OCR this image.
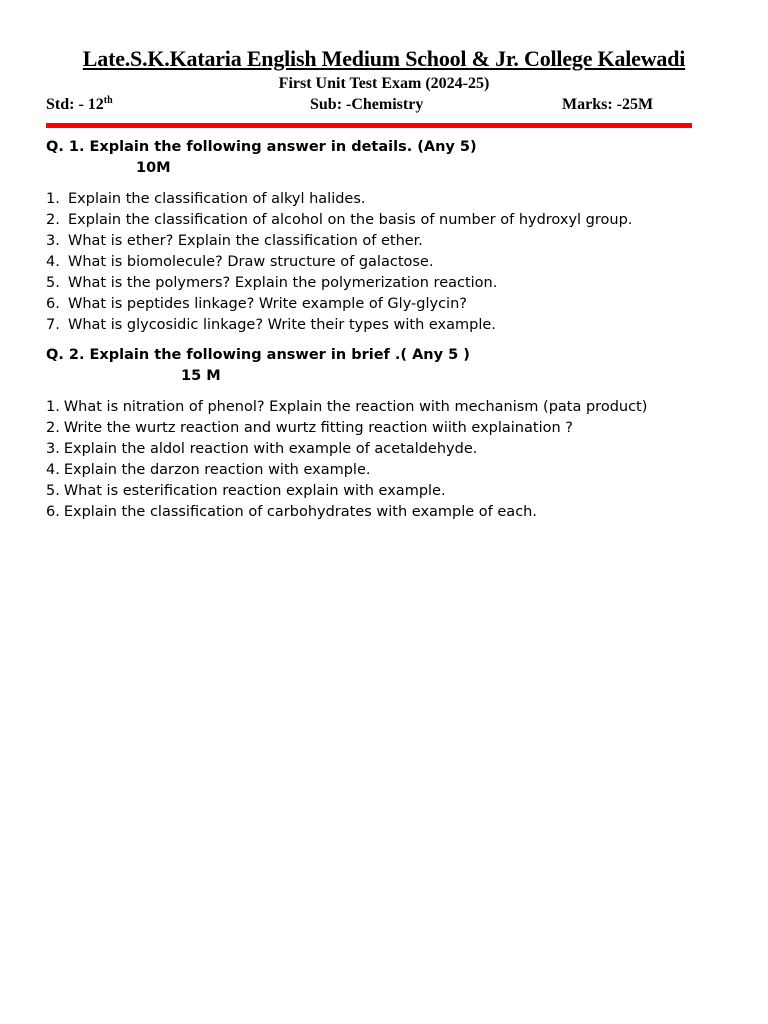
Late.S.K.Kataria English Medium School & Jr. College Kalewadi
First Unit Test Exam (2024-25)
Std: - 12th	Sub: -Chemistry	Marks: -25M
Q. 1. Explain the following answer in details. (Any 5)
10M
1. Explain the classification of alkyl halides.
2. Explain the classification of alcohol on the basis of number of hydroxyl group.
3. What is ether? Explain the classification of ether.
4. What is biomolecule? Draw structure of galactose.
5. What is the polymers? Explain the polymerization reaction.
6. What is peptides linkage? Write example of Gly-glycin?
7. What is glycosidic linkage? Write their types with example.
Q. 2. Explain the following answer in brief .( Any 5 )
15 M
1. What is nitration of phenol? Explain the reaction with mechanism (pata product)
2. Write the wurtz reaction and wurtz fitting reaction wiith explaination ?
3. Explain the aldol reaction with example of acetaldehyde.
4. Explain the darzon reaction with example.
5. What is esterification reaction explain with example.
6. Explain the classification of carbohydrates with example of each.
